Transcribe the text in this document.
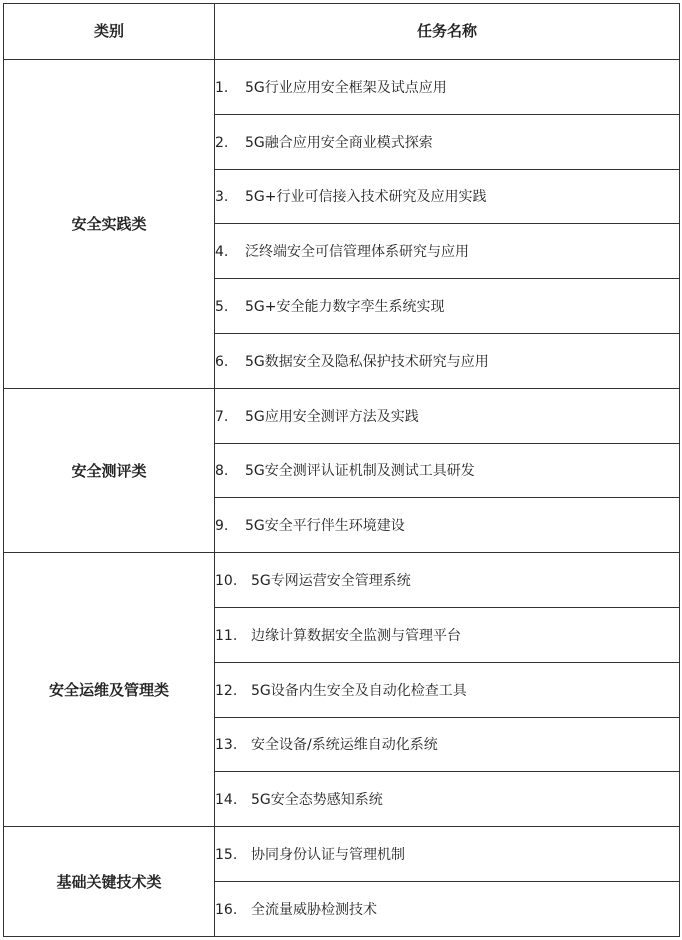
类别	任务名称
安全实践类	1. 5G行业应用安全框架及试点应用
	2. 5G融合应用安全商业模式探索
	3. 5G+行业可信接入技术研究及应用实践
	4. 泛终端安全可信管理体系研究与应用
	5. 5G+安全能力数字孪生系统实现
	6. 5G数据安全及隐私保护技术研究与应用
安全测评类	7. 5G应用安全测评方法及实践
	8. 5G安全测评认证机制及测试工具研发
	9. 5G安全平行伴生环境建设
安全运维及管理类	10. 5G专网运营安全管理系统
	11. 边缘计算数据安全监测与管理平台
	12. 5G设备内生安全及自动化检查工具
	13. 安全设备/系统运维自动化系统
	14. 5G安全态势感知系统
基础关键技术类	15. 协同身份认证与管理机制
	16. 全流量威胁检测技术
